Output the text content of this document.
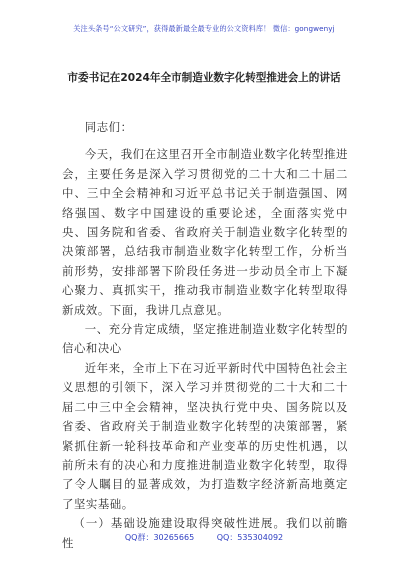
关注头条号“公文研究”，获得最新最全最专业的公文资料库！ 微信：gongwenyj
市委书记在2024年全市制造业数字化转型推进会上的讲话

同志们：

今天，我们在这里召开全市制造业数字化转型推进会，主要任务是深入学习贯彻党的二十大和二十届二中、三中全会精神和习近平总书记关于制造强国、网络强国、数字中国建设的重要论述，全面落实党中央、国务院和省委、省政府关于制造业数字化转型的决策部署，总结我市制造业数字化转型工作，分析当前形势，安排部署下阶段任务进一步动员全市上下凝心聚力、真抓实干，推动我市制造业数字化转型取得新成效。下面，我讲几点意见。

一、充分肯定成绩，坚定推进制造业数字化转型的信心和决心

近年来，全市上下在习近平新时代中国特色社会主义思想的引领下，深入学习并贯彻党的二十大和二十届二中三中全会精神，坚决执行党中央、国务院以及省委、省政府关于制造业数字化转型的决策部署，紧紧抓住新一轮科技革命和产业变革的历史性机遇，以前所未有的决心和力度推进制造业数字化转型，取得了令人瞩目的显著成效，为打造数字经济新高地奠定了坚实基础。

（一）基础设施建设取得突破性进展。我们以前瞻性	QQ群：30265665	QQ：535304092
